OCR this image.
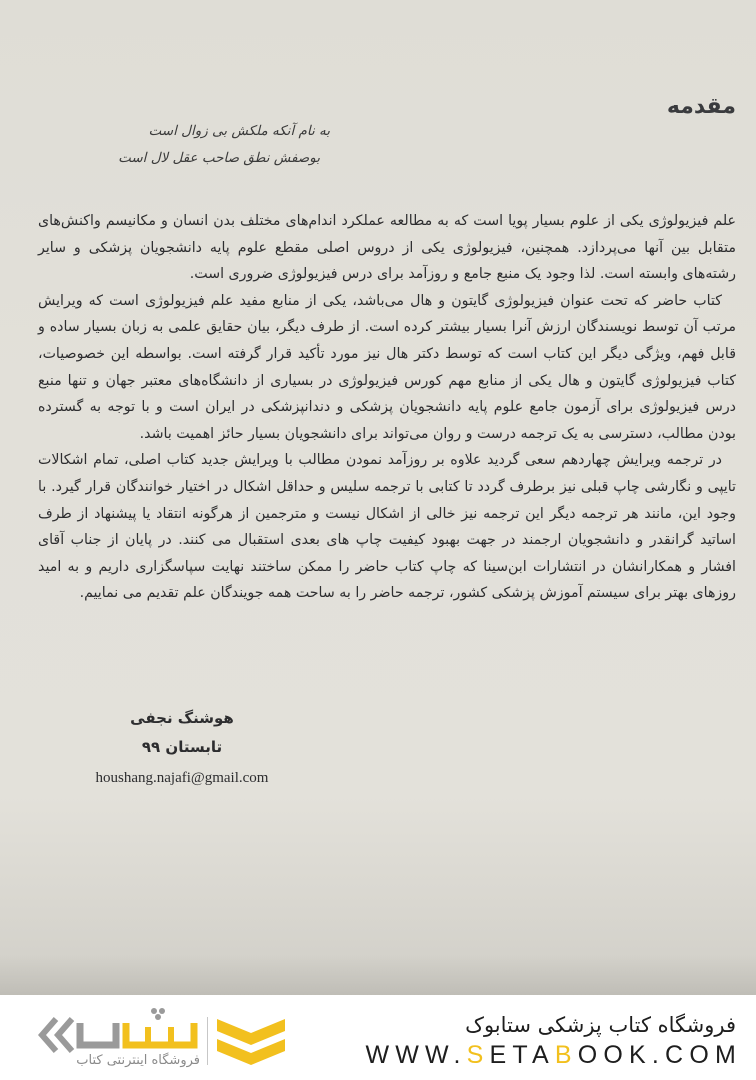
مقدمه
به نام آنکه ملکش بی زوال است
بوصفش نطق صاحب عقل لال است

علم فیزیولوژی یکی از علوم بسیار پویا است که به مطالعه عملکرد اندام‌های مختلف بدن انسان و مکانیسم واکنش‌های متقابل بین آنها می‌پردازد. همچنین، فیزیولوژی یکی از دروس اصلی مقطع علوم پایه دانشجویان پزشکی و سایر رشته‌های وابسته است. لذا وجود یک منبع جامع و روزآمد برای درس فیزیولوژی ضروری است.

کتاب حاضر که تحت عنوان فیزیولوژی گایتون و هال می‌باشد، یکی از منابع مفید علم فیزیولوژی است که ویرایش مرتب آن توسط نویسندگان ارزش آنرا بسیار بیشتر کرده است. از طرف دیگر، بیان حقایق علمی به زبان بسیار ساده و قابل فهم، ویژگی دیگر این کتاب است که توسط دکتر هال نیز مورد تأکید قرار گرفته است. بواسطه این خصوصیات، کتاب فیزیولوژی گایتون و هال یکی از منابع مهم کورس فیزیولوژی در بسیاری از دانشگاه‌های معتبر جهان و تنها منبع درس فیزیولوژی برای آزمون جامع علوم پایه دانشجویان پزشکی و دندانپزشکی در ایران است و با توجه به گسترده بودن مطالب، دسترسی به یک ترجمه درست و روان می‌تواند برای دانشجویان بسیار حائز اهمیت باشد.

در ترجمه ویرایش چهاردهم سعی گردید علاوه بر روزآمد نمودن مطالب با ویرایش جدید کتاب اصلی، تمام اشکالات تایپی و نگارشی چاپ قبلی نیز برطرف گردد تا کتابی با ترجمه سلیس و حداقل اشکال در اختیار خوانندگان قرار گیرد. با وجود این، مانند هر ترجمه دیگر این ترجمه نیز خالی از اشکال نیست و مترجمین از هرگونه انتقاد یا پیشنهاد از طرف اساتید گرانقدر و دانشجویان ارجمند در جهت بهبود کیفیت چاپ های بعدی استقبال می کنند. در پایان از جناب آقای افشار و همکارانشان در انتشارات ابن‌سینا که چاپ کتاب حاضر را ممکن ساختند نهایت سپاسگزاری داریم و به امید روزهای بهتر برای سیستم آموزش پزشکی کشور، ترجمه حاضر را به ساحت همه جویندگان علم تقدیم می نماییم.

هوشنگ نجفی
تابستان ۹۹
houshang.najafi@gmail.com
فروشگاه اینترنتی کتاب
فروشگاه کتاب پزشکی ستابوک
WWW.SETABOOK.COM
